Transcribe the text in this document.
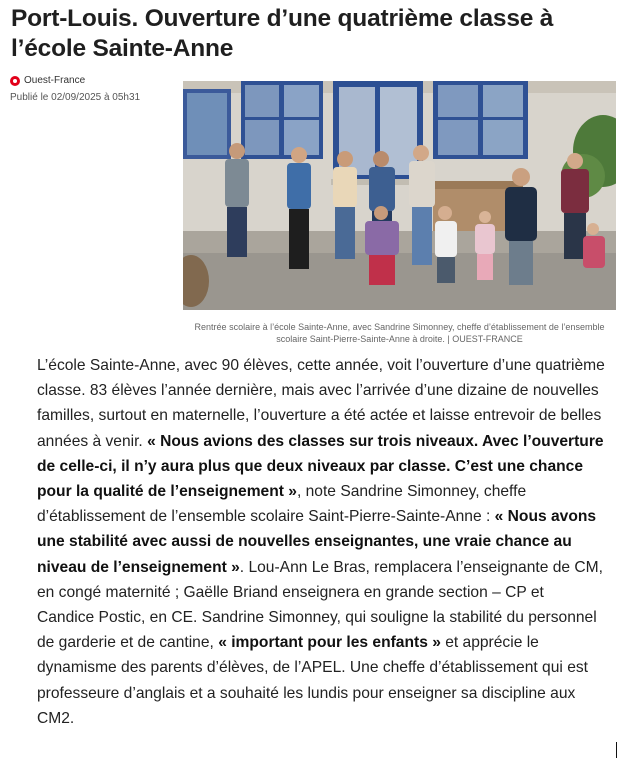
Port-Louis. Ouverture d’une quatrième classe à l’école Sainte-Anne
Ouest-France
Publié le 02/09/2025 à 05h31
Rentrée scolaire à l’école Sainte-Anne, avec Sandrine Simonney, cheffe d’établissement de l’ensemble scolaire Saint-Pierre-Sainte-Anne à droite. | OUEST-FRANCE

L’école Sainte-Anne, avec 90 élèves, cette année, voit l’ouverture d’une quatrième classe. 83 élèves l’année dernière, mais avec l’arrivée d’une dizaine de nouvelles familles, surtout en maternelle, l’ouverture a été actée et laisse entrevoir de belles années à venir. « Nous avions des classes sur trois niveaux. Avec l’ouverture de celle-ci, il n’y aura plus que deux niveaux par classe. C’est une chance pour la qualité de l’enseignement », note Sandrine Simonney, cheffe d’établissement de l’ensemble scolaire Saint-Pierre-Sainte-Anne : « Nous avons une stabilité avec aussi de nouvelles enseignantes, une vraie chance au niveau de l’enseignement ». Lou-Ann Le Bras, remplacera l’enseignante de CM, en congé maternité ; Gaëlle Briand enseignera en grande section – CP et Candice Postic, en CE. Sandrine Simonney, qui souligne la stabilité du personnel de garderie et de cantine, « important pour les enfants » et apprécie le dynamisme des parents d’élèves, de l’APEL. Une cheffe d’établissement qui est professeure d’anglais et a souhaité les lundis pour enseigner sa discipline aux CM2.
